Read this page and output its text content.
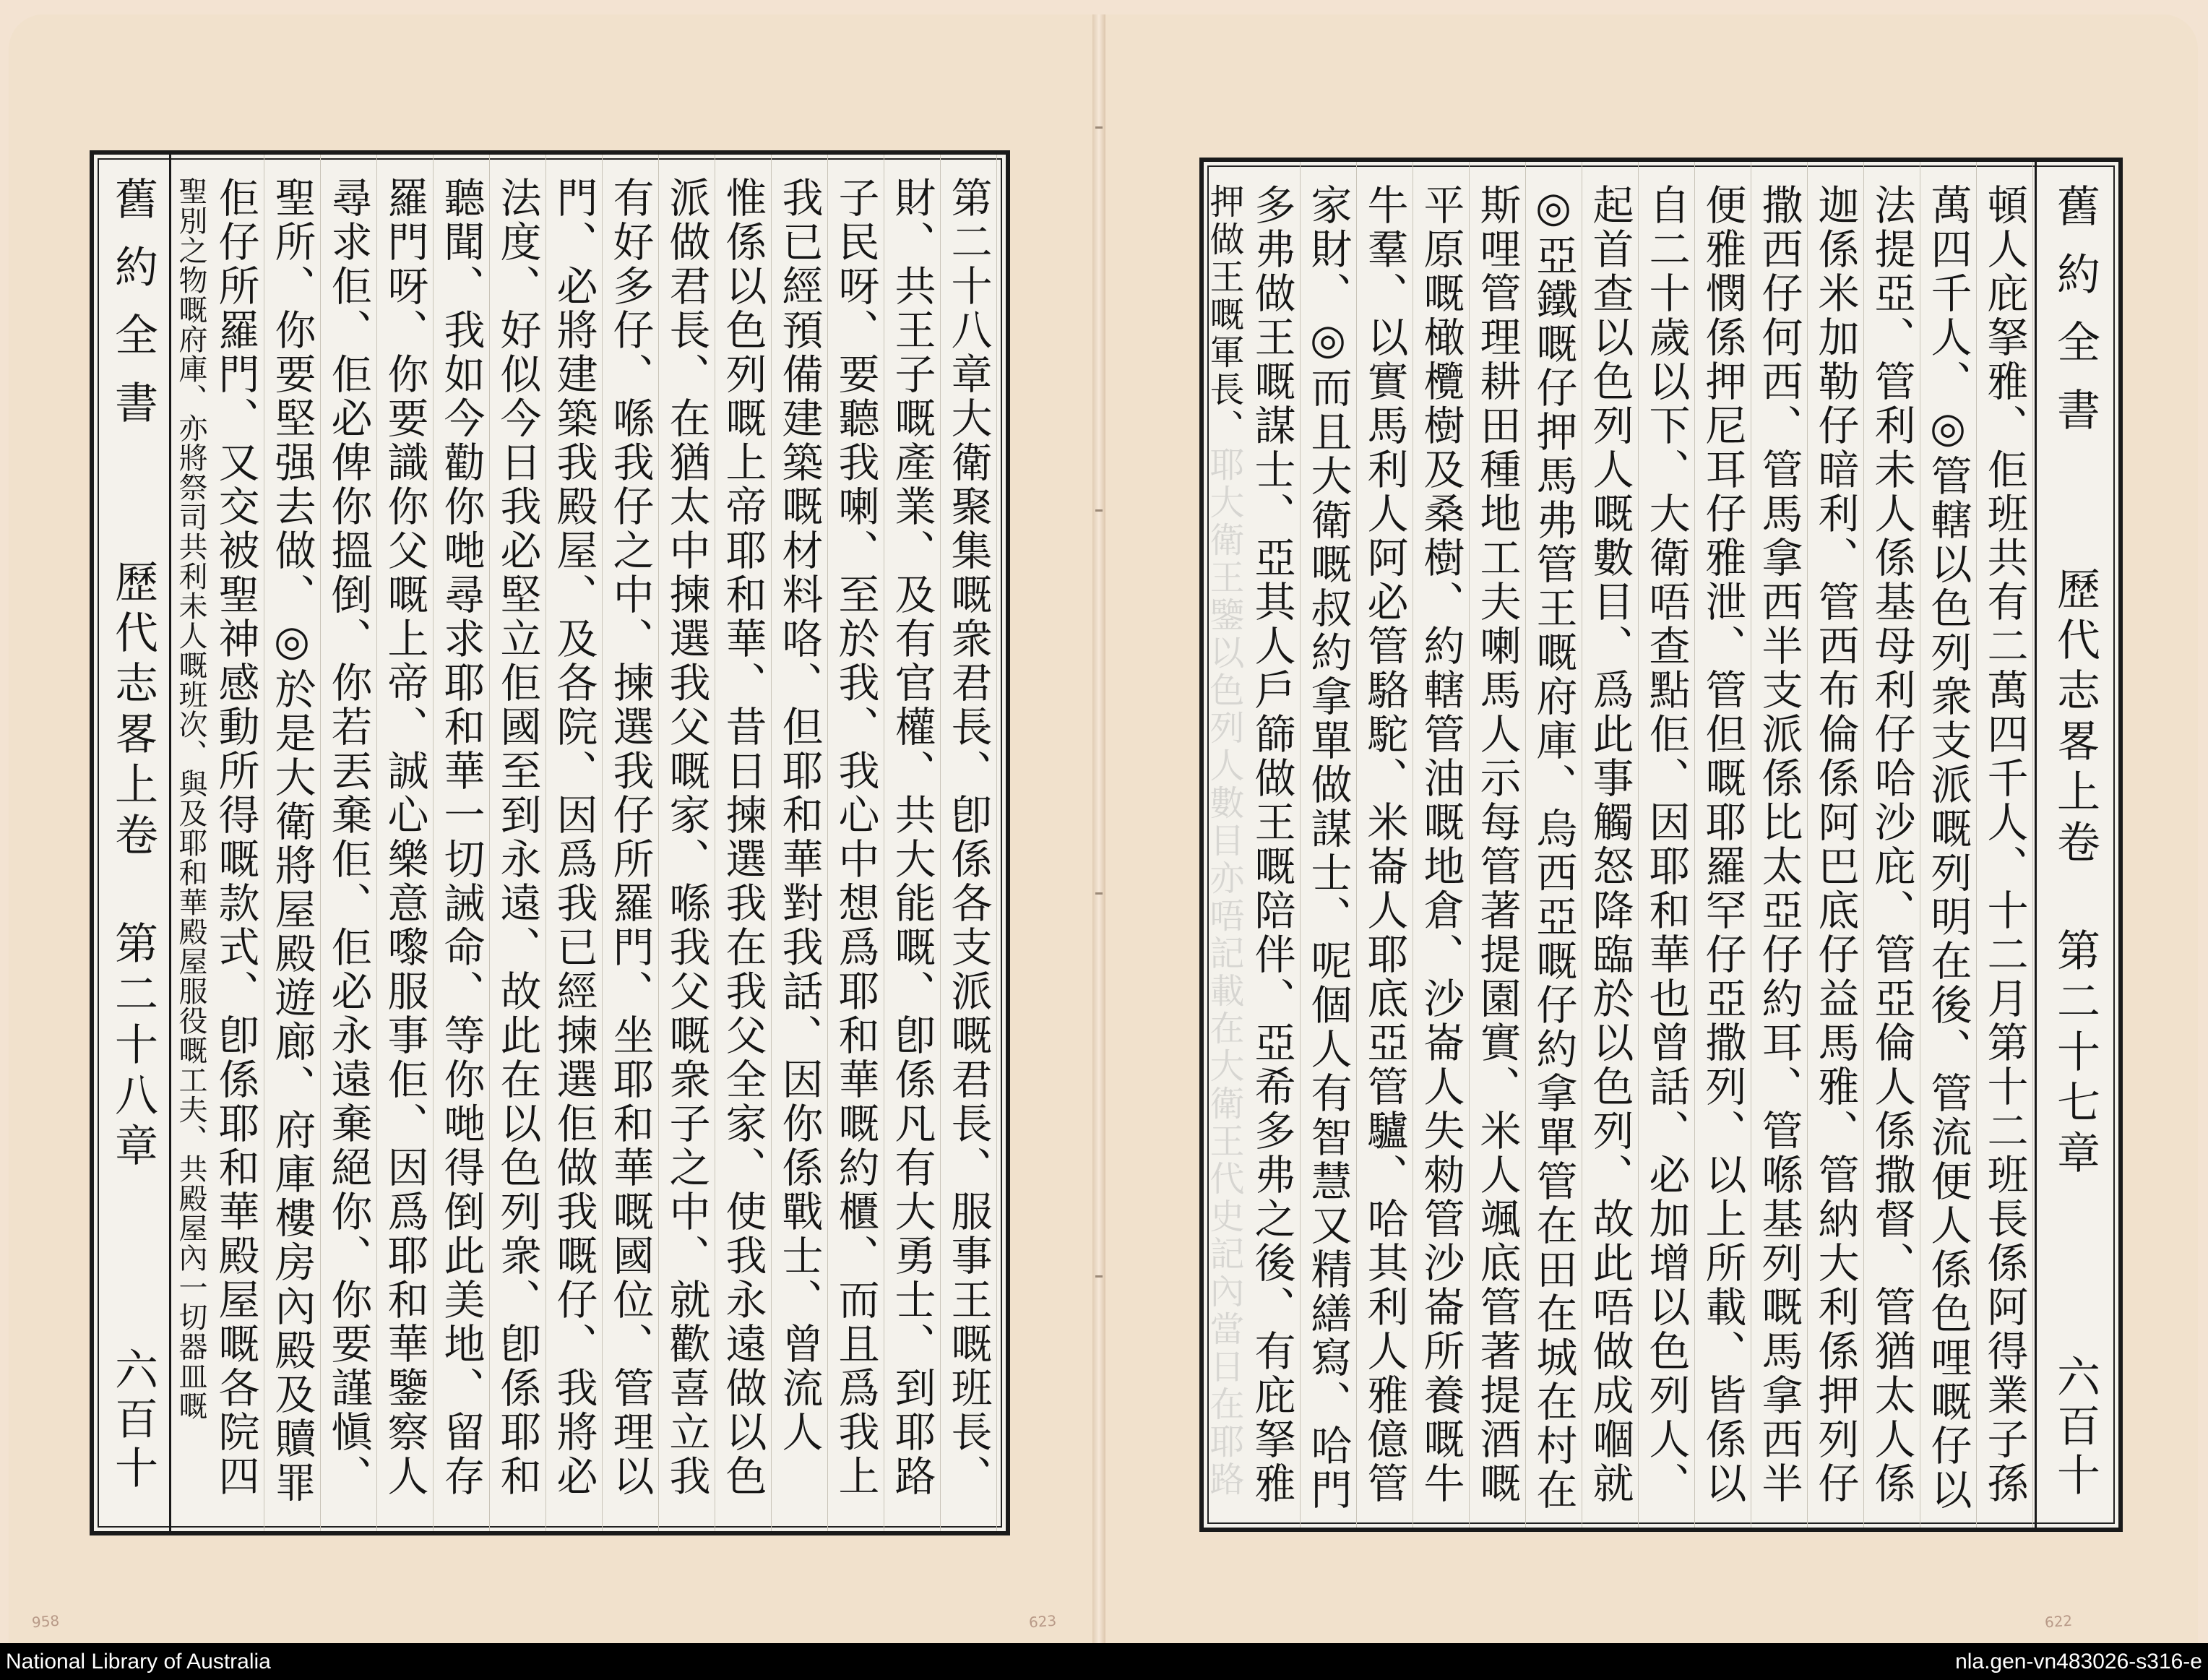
958	623	622
舊約全書
歷代志畧上卷
第二十八章
六百十
第二十八章大衛聚集嘅衆君長、卽係各支派嘅君長、服事王嘅班長、
財、共王子嘅產業、及有官權、共大能嘅、卽係凡有大勇士、到耶路
子民呀、要聽我喇、至於我、我心中想爲耶和華嘅約櫃、而且爲我上
我已經預備建築嘅材料咯、但耶和華對我話、因你係戰士、曾流人
惟係以色列嘅上帝耶和華、昔日揀選我在我父全家、使我永遠做以色
派做君長、在猶太中揀選我父嘅家、喺我父嘅衆子之中、就歡喜立我
有好多仔、喺我仔之中、揀選我仔所羅門、坐耶和華嘅國位、管理以
門、必將建築我殿屋、及各院、因爲我已經揀選佢做我嘅仔、我將必
法度、好似今日我必堅立佢國至到永遠、故此在以色列衆、卽係耶和
聽聞、我如今勸你哋尋求耶和華一切誡命、等你哋得倒此美地、留存
羅門呀、你要識你父嘅上帝、誠心樂意嚟服事佢、因爲耶和華鑒察人
尋求佢、佢必俾你搵倒、你若丟棄佢、佢必永遠棄絕你、你要謹愼、
聖所、你要堅强去做、◎於是大衛將屋殿遊廊、府庫樓房內殿及贖罪
佢仔所羅門、又交被聖神感動所得嘅款式、卽係耶和華殿屋嘅各院四
聖別之物嘅府庫、亦將祭司共利未人嘅班次、與及耶和華殿屋服役嘅工夫、共殿屋內一切器皿嘅	舊約全書
歷代志畧上卷
第二十七章
六百十
頓人庇拏雅、佢班共有二萬四千人、十二月第十二班長係阿得業子孫
萬四千人、◎管轄以色列衆支派嘅列明在後、管流便人係色哩嘅仔以
法提亞、管利未人係基母利仔哈沙庇、管亞倫人係撒督、管猶太人係
迦係米加勒仔暗利、管西布倫係阿巴底仔益馬雅、管納大利係押列仔
撒西仔何西、管馬拿西半支派係比太亞仔約耳、管喺基列嘅馬拿西半
便雅憫係押尼耳仔雅泄、管但嘅耶羅罕仔亞撒列、以上所載、皆係以
自二十歲以下、大衛唔查點佢、因耶和華也曾話、必加增以色列人、
起首查以色列人嘅數目、爲此事觸怒降臨於以色列、故此唔做成嗰就
◎亞鐵嘅仔押馬弗管王嘅府庫、烏西亞嘅仔約拿單管在田在城在村在
斯哩管理耕田種地工夫喇馬人示每管著提園實、米人颯底管著提酒嘅
平原嘅橄欖樹及桑樹、約轄管油嘅地倉、沙崙人失勑管沙崙所養嘅牛
牛羣、以實馬利人阿必管駱駝、米崙人耶底亞管驢、哈其利人雅億管
家財、◎而且大衛嘅叔約拿單做謀士、呢個人有智慧又精繕寫、哈門
多弗做王嘅謀士、亞其人戶篩做王嘅陪伴、亞希多弗之後、有庇拏雅
押做王嘅軍長、耶大衛王鑒以色列人數目亦唔記載在大衛王代史記內當日在耶路
National Library of Australia	nla.gen-vn483026-s316-e
